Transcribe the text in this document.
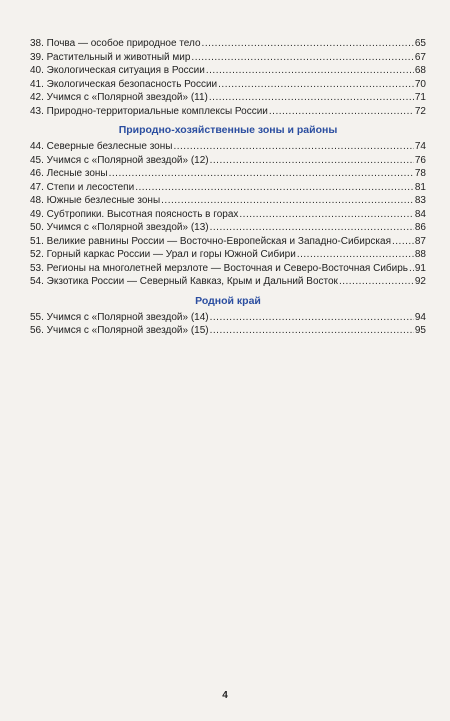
38. Почва — особое природное тело .....	65
39. Растительный и животный мир .....	67
40. Экологическая ситуация в России .....	68
41. Экологическая безопасность России .....	70
42. Учимся с «Полярной звездой» (11) .....	71
43. Природно-территориальные комплексы России .....	72
Природно-хозяйственные зоны и районы
44. Северные безлесные зоны .....	74
45. Учимся с «Полярной звездой» (12) .....	76
46. Лесные зоны .....	78
47. Степи и лесостепи .....	81
48. Южные безлесные зоны .....	83
49. Субтропики. Высотная поясность в горах .....	84
50. Учимся с «Полярной звездой» (13) .....	86
51. Великие равнины России — Восточно-Европейская и Западно-Сибирская ..... 87
52. Горный каркас России — Урал и горы Южной Сибири .....	88
53. Регионы на многолетней мерзлоте — Восточная и Северо-Восточная Сибирь ..... 91
54. Экзотика России — Северный Кавказ, Крым и Дальний Восток .....	92
Родной край
55. Учимся с «Полярной звездой» (14) .....	94
56. Учимся с «Полярной звездой» (15) .....	95
4
